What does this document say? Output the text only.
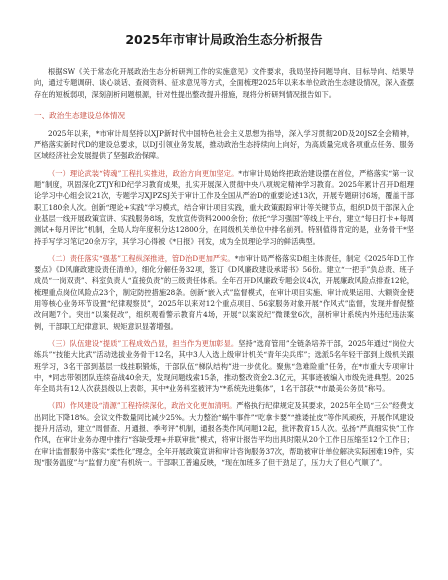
2025年市审计局政治生态分析报告

根据SW《关于常态化开展政治生态分析研判工作的实施意见》文件要求，我局坚持问题导向、目标导向、结果导向，通过专题调研、谈心谈话、查阅资料、征求意见等方式，全面梳理2025年以来本单位政治生态建设情况，深入查摆存在的短板弱项，深刻剖析问题根源，针对性提出整改提升措施，现将分析研判情况报告如下。

一、政治生态建设总体情况

2025年以来，*市审计局坚持以XJP新时代中国特色社会主义思想为指导，深入学习贯彻20D及20JSZ全会精神，严格落实新时代D的建设总要求，以DJ引领业务发展，推动政治生态持续向上向好，为高质量完成各项重点任务、服务区域经济社会发展提供了坚强政治保障。

（一）理论武装“铸魂”工程扎实推进，政治方向更加坚定。*市审计局始终把政治建设摆在首位，严格落实“第一议题”制度，巩固深化ZTJY和D纪学习教育成果，扎实开展深入贯彻中央八项规定精神学习教育。2025年累计召开D组理论学习中心组会议21次，专题学习XJPZSJ关于审计工作及全国从严治D的重要论述13次，开展专题研讨6场，覆盖干部职工180余人次。创新“理论+实践”学习模式，结合审计项目实践，重大政策跟踪审计等关键节点，组织D员干部深入企业基层一线开展政策宣讲、实践服务8场，发放宣传资料2000余份；依托“学习强国”等线上平台，建立“每日打卡+每周测试+每月评比”机制，全局人均年度积分达12800分，在同级机关单位中排名前列。特别值得肯定的是，业务骨干*坚持手写学习笔记20余万字，其学习心得被《*日报》刊发，成为全员理论学习的鲜活典型。

（二）责任落实“强基”工程纵深推进，管D治D更加严实。*市审计局严格落实D组主体责任，制定《2025年D工作要点》《D风廉政建设责任清单》，细化分解任务32项，签订《D风廉政建设承诺书》56份。建立“一把手”负总责、班子成员“一岗双责”、科室负责人“直接负责”的三级责任体系。全年召开D风廉政专题会议4次，开展廉政风险点排查12轮，梳理重点岗位风险点23个，制定防控措施28条。创新“嵌入式”监督模式，在审计项目实施、审计成果运用、大额资金使用等核心业务环节设置“纪律观察员”，2025年以来对12个重点项目、56家服务对象开展“作风式”监督，发现并督促整改问题7个。突出“以案促改”，组织观看警示教育片4场，开展“以案说纪”微课堂6次，剖析审计系统内外违纪违法案例，干部职工纪律意识、规矩意识显著增强。

（三）队伍建设“提质”工程成效凸显，担当作为更加彰显。坚持“选育管用”全链条培养干部，2025年通过“岗位大练兵”“技能大比武”活动选拔业务骨干12名，其中3人入选上级审计机关“青年尖兵库”；选派5名年轻干部到上级机关跟班学习，3名干部到基层一线挂职锻炼，干部队伍“梯队结构”进一步优化。聚焦“急难险重”任务，在*市重大专项审计中，*同志带领团队连续奋战40余天，发现问题线索15条，推动整改资金2.3亿元，其事迹被编入市级先进典型。2025年全局共有12人次获县级以上表彰，其中*业务科室被评为“*系统先进集体”，1名干部获“*市最美公务员”称号。

（四）作风建设“清源”工程持续深化，政治文化更加清明。严格执行纪律规定及其要求，2025年全局“三公”经费支出同比下降18%。会议文件数量同比减少25%。大力整治“蜗牛事件”“吃拿卡要”“推诿扯皮”等作风顽疾，开展作风建设提升月活动，建立“周督查、月通报、季考评”机制，通报各类作风问题12起，批评教育15人次。弘扬“严真细实快”工作作风，在审计业务办理中推行“容缺受理+并联审批”模式，将审计报告平均出具时限从20个工作日压缩至12个工作日；在审计监督服务中落实“柔性化”理念，全年开展政策宣讲和审计咨询服务37次，帮助被审计单位解决实际困难19件，实现“服务温度”与“监督力度”有机统一。干部职工普遍反映，“现在加班多了但干劲足了，压力大了但心气顺了”。
